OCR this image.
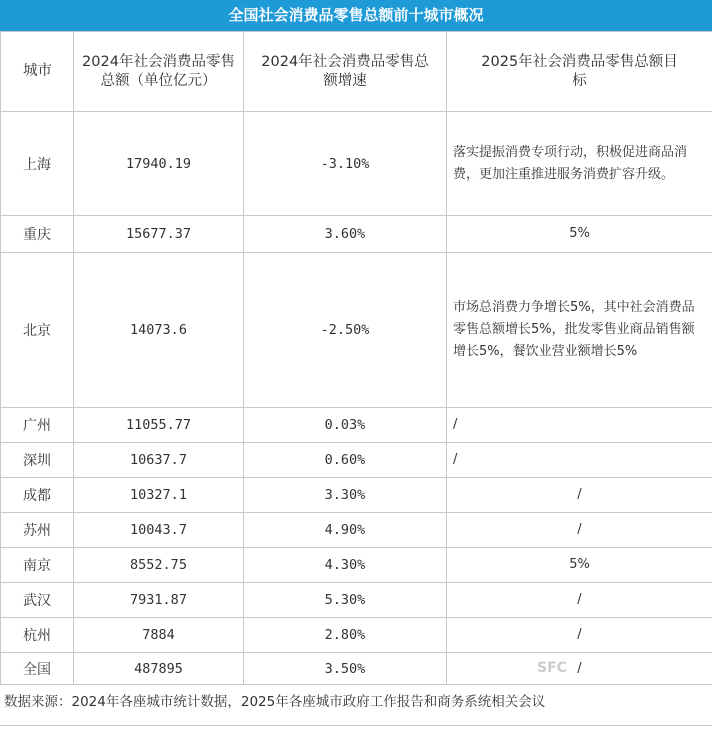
全国社会消费品零售总额前十城市概况
城市	2024年社会消费品零售总额（单位亿元）	2024年社会消费品零售总额增速	2025年社会消费品零售总额目标
上海	17940.19	-3.10%	落实提振消费专项行动，积极促进商品消费，更加注重推进服务消费扩容升级。
重庆	15677.37	3.60%	5%
北京	14073.6	-2.50%	市场总消费力争增长5%，其中社会消费品零售总额增长5%，批发零售业商品销售额增长5%，餐饮业营业额增长5%
广州	11055.77	0.03%	/
深圳	10637.7	0.60%	/
成都	10327.1	3.30%	/
苏州	10043.7	4.90%	/
南京	8552.75	4.30%	5%
武汉	7931.87	5.30%	/
杭州	7884	2.80%	/
全国	487895	3.50%	/
数据来源：2024年各座城市统计数据，2025年各座城市政府工作报告和商务系统相关会议
SFC
